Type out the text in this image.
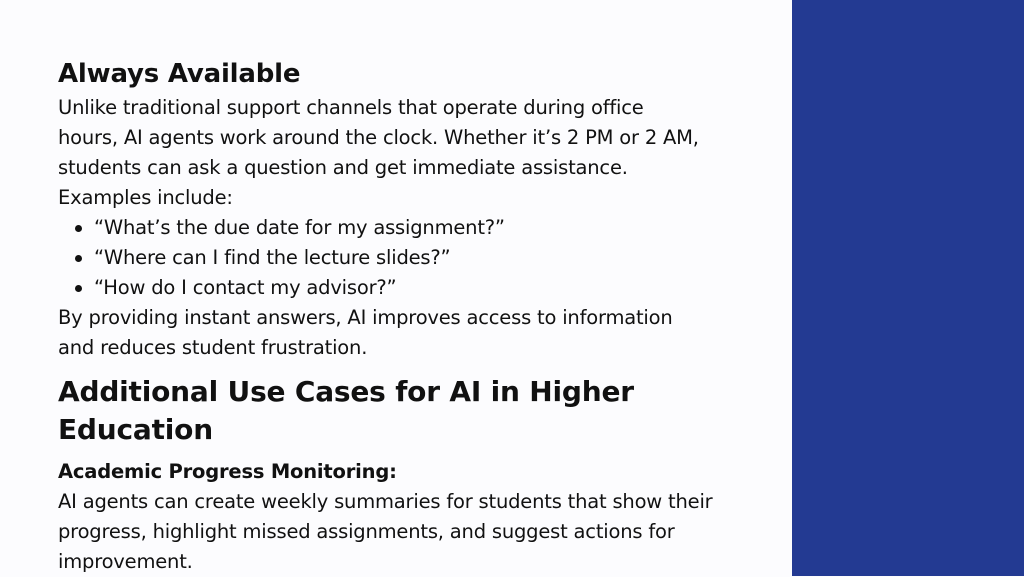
Always Available

Unlike traditional support channels that operate during office

hours, AI agents work around the clock. Whether it’s 2 PM or 2 AM,

students can ask a question and get immediate assistance.

Examples include:

“What’s the due date for my assignment?”
“Where can I find the lecture slides?”
“How do I contact my advisor?”

By providing instant answers, AI improves access to information

and reduces student frustration.

Additional Use Cases for AI in Higher Education

Academic Progress Monitoring:

AI agents can create weekly summaries for students that show their

progress, highlight missed assignments, and suggest actions for

improvement.
